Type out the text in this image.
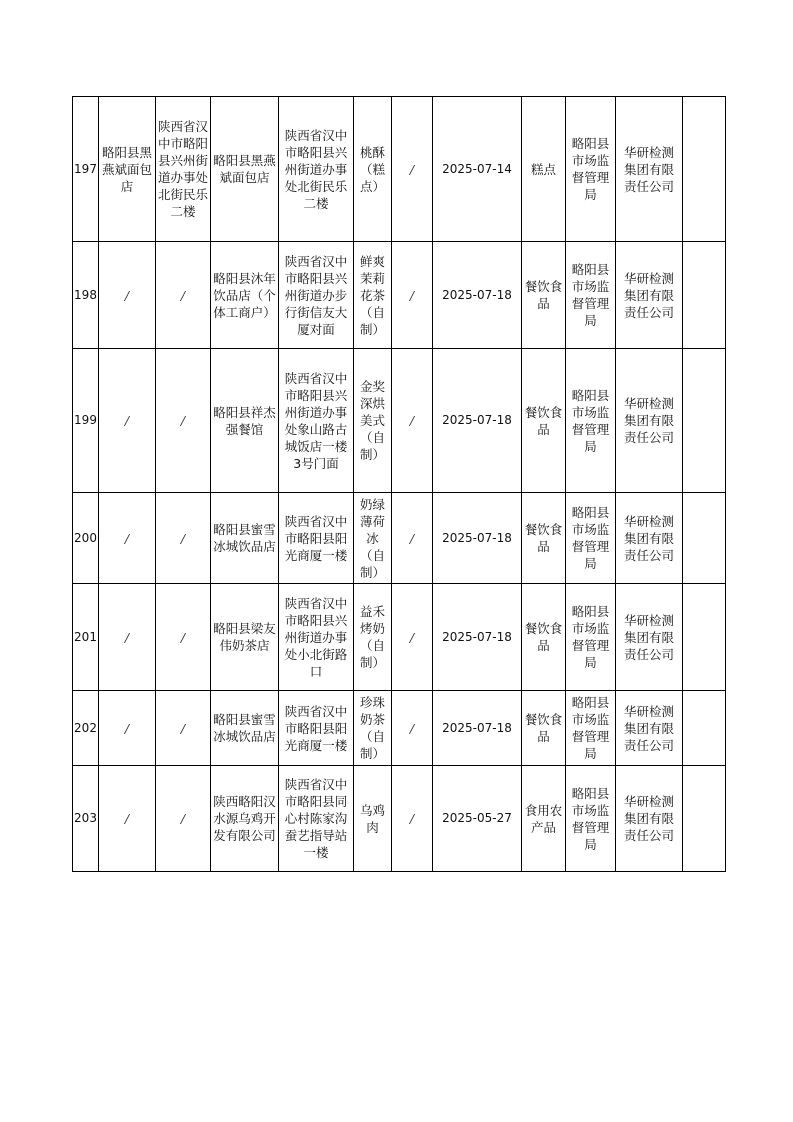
197	略阳县黑燕斌面包店	陕西省汉中市略阳县兴州街道办事处北街民乐二楼	略阳县黑燕斌面包店	陕西省汉中市略阳县兴州街道办事处北街民乐二楼	桃酥（糕点）	/	2025-07-14	糕点	略阳县市场监督管理局	华研检测集团有限责任公司	
198	/	/	略阳县沐年饮品店（个体工商户）	陕西省汉中市略阳县兴州街道办步行街信友大厦对面	鲜爽茉莉花茶（自制）	/	2025-07-18	餐饮食品	略阳县市场监督管理局	华研检测集团有限责任公司	
199	/	/	略阳县祥杰强餐馆	陕西省汉中市略阳县兴州街道办事处象山路古城饭店一楼3号门面	金奖深烘美式（自制）	/	2025-07-18	餐饮食品	略阳县市场监督管理局	华研检测集团有限责任公司	
200	/	/	略阳县蜜雪冰城饮品店	陕西省汉中市略阳县阳光商厦一楼	奶绿薄荷冰（自制）	/	2025-07-18	餐饮食品	略阳县市场监督管理局	华研检测集团有限责任公司	
201	/	/	略阳县梁友伟奶茶店	陕西省汉中市略阳县兴州街道办事处小北街路口	益禾烤奶（自制）	/	2025-07-18	餐饮食品	略阳县市场监督管理局	华研检测集团有限责任公司	
202	/	/	略阳县蜜雪冰城饮品店	陕西省汉中市略阳县阳光商厦一楼	珍珠奶茶（自制）	/	2025-07-18	餐饮食品	略阳县市场监督管理局	华研检测集团有限责任公司	
203	/	/	陕西略阳汉水源乌鸡开发有限公司	陕西省汉中市略阳县同心村陈家沟蚕艺指导站一楼	乌鸡肉	/	2025-05-27	食用农产品	略阳县市场监督管理局	华研检测集团有限责任公司	
